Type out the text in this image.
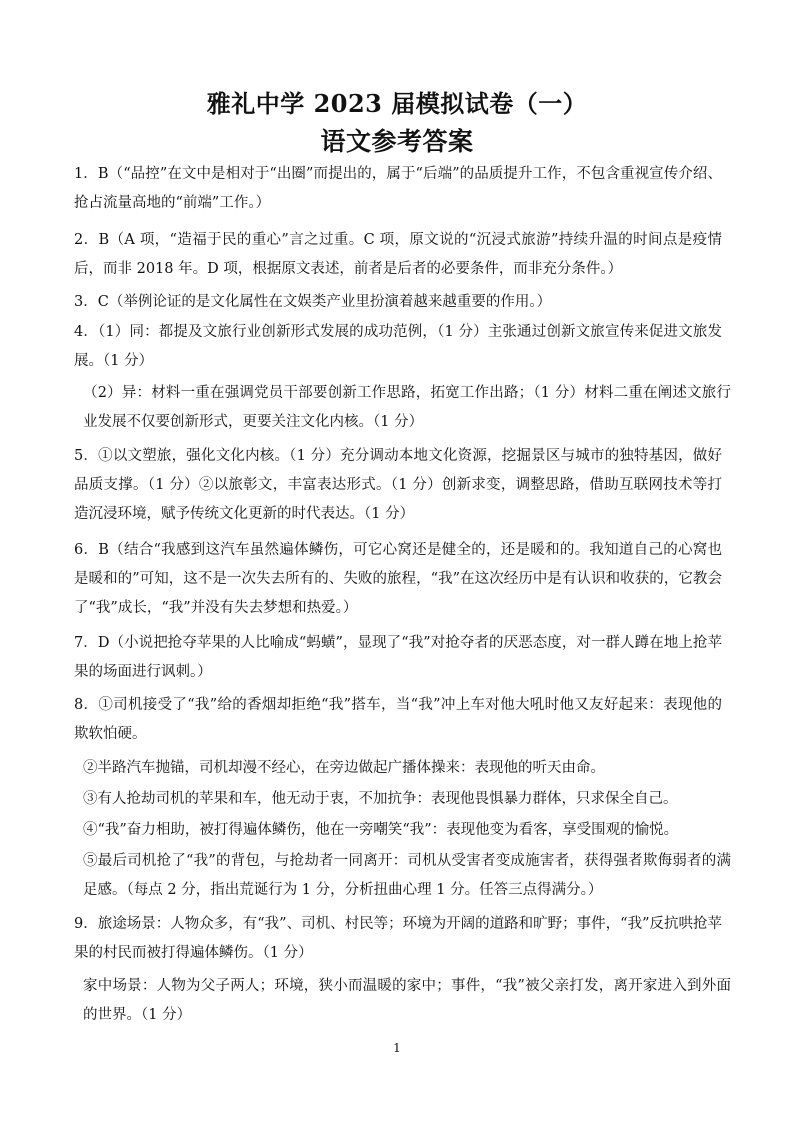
雅礼中学 2023 届模拟试卷（一）
语文参考答案

1．B（“品控”在文中是相对于“出圈”而提出的，属于“后端”的品质提升工作，不包含重视宣传介绍、抢占流量高地的“前端”工作。）

2．B（A 项，“造福于民的重心”言之过重。C 项，原文说的“沉浸式旅游”持续升温的时间点是疫情后，而非 2018 年。D 项，根据原文表述，前者是后者的必要条件，而非充分条件。）

3．C（举例论证的是文化属性在文娱类产业里扮演着越来越重要的作用。）

4．（1）同：都提及文旅行业创新形式发展的成功范例，（1 分）主张通过创新文旅宣传来促进文旅发展。（1 分）

（2）异：材料一重在强调党员干部要创新工作思路，拓宽工作出路；（1 分）材料二重在阐述文旅行业发展不仅要创新形式，更要关注文化内核。（1 分）

5．①以文塑旅，强化文化内核。（1 分）充分调动本地文化资源，挖掘景区与城市的独特基因，做好品质支撑。（1 分）②以旅彰文，丰富表达形式。（1 分）创新求变，调整思路，借助互联网技术等打造沉浸环境，赋予传统文化更新的时代表达。（1 分）

6．B（结合“我感到这汽车虽然遍体鳞伤，可它心窝还是健全的，还是暖和的。我知道自己的心窝也是暖和的”可知，这不是一次失去所有的、失败的旅程，“我”在这次经历中是有认识和收获的，它教会了“我”成长，“我”并没有失去梦想和热爱。）

7．D（小说把抢夺苹果的人比喻成“蚂蟥”，显现了“我”对抢夺者的厌恶态度，对一群人蹲在地上抢苹果的场面进行讽刺。）

8．①司机接受了“我”给的香烟却拒绝“我”搭车，当“我”冲上车对他大吼时他又友好起来：表现他的欺软怕硬。

②半路汽车抛锚，司机却漫不经心，在旁边做起广播体操来：表现他的听天由命。

③有人抢劫司机的苹果和车，他无动于衷，不加抗争：表现他畏惧暴力群体，只求保全自己。

④“我”奋力相助，被打得遍体鳞伤，他在一旁嘲笑“我”：表现他变为看客，享受围观的愉悦。

⑤最后司机抢了“我”的背包，与抢劫者一同离开：司机从受害者变成施害者，获得强者欺侮弱者的满足感。（每点 2 分，指出荒诞行为 1 分，分析扭曲心理 1 分。任答三点得满分。）

9．旅途场景：人物众多，有“我”、司机、村民等；环境为开阔的道路和旷野；事件，“我”反抗哄抢苹果的村民而被打得遍体鳞伤。（1 分）

家中场景：人物为父子两人；环境，狭小而温暖的家中；事件，“我”被父亲打发，离开家进入到外面的世界。（1 分）

1
